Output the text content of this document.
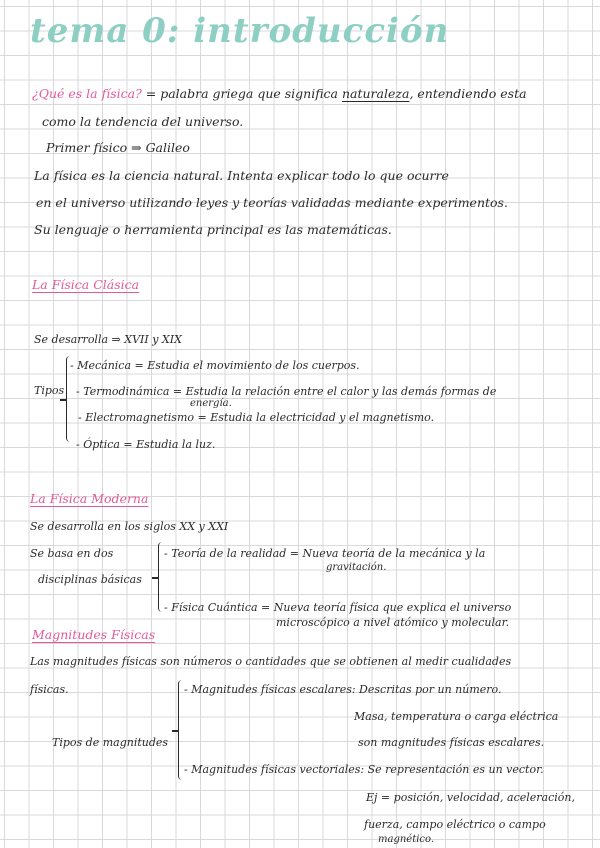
tema 0: introducción
¿Qué es la física? = palabra griega que significa naturaleza, entendiendo esta
como la tendencia del universo.
Primer físico ⇒ Galileo
La física es la ciencia natural. Intenta explicar todo lo que ocurre
en el universo utilizando leyes y teorías validadas mediante experimentos.
Su lenguaje o herramienta principal es las matemáticas.
La Física Clásica
Se desarrolla ⇒ XVII y XIX
Tipos
- Mecánica = Estudia el movimiento de los cuerpos.
- Termodinámica = Estudia la relación entre el calor y las demás formas de
energía.
- Electromagnetismo = Estudia la electricidad y el magnetismo.
- Óptica = Estudia la luz.
La Física Moderna
Se desarrolla en los siglos XX y XXI
Se basa en dos
disciplinas básicas
- Teoría de la realidad = Nueva teoría de la mecánica y la
gravitación.
- Física Cuántica = Nueva teoría física que explica el universo
microscópico a nivel atómico y molecular.
Magnitudes Físicas
Las magnitudes físicas son números o cantidades que se obtienen al medir cualidades
físicas.
Tipos de magnitudes
- Magnitudes físicas escalares: Descritas por un número.
Masa, temperatura o carga eléctrica
son magnitudes físicas escalares.
- Magnitudes físicas vectoriales: Se representación es un vector.
Ej = posición, velocidad, aceleración,
fuerza, campo eléctrico o campo
magnético.
